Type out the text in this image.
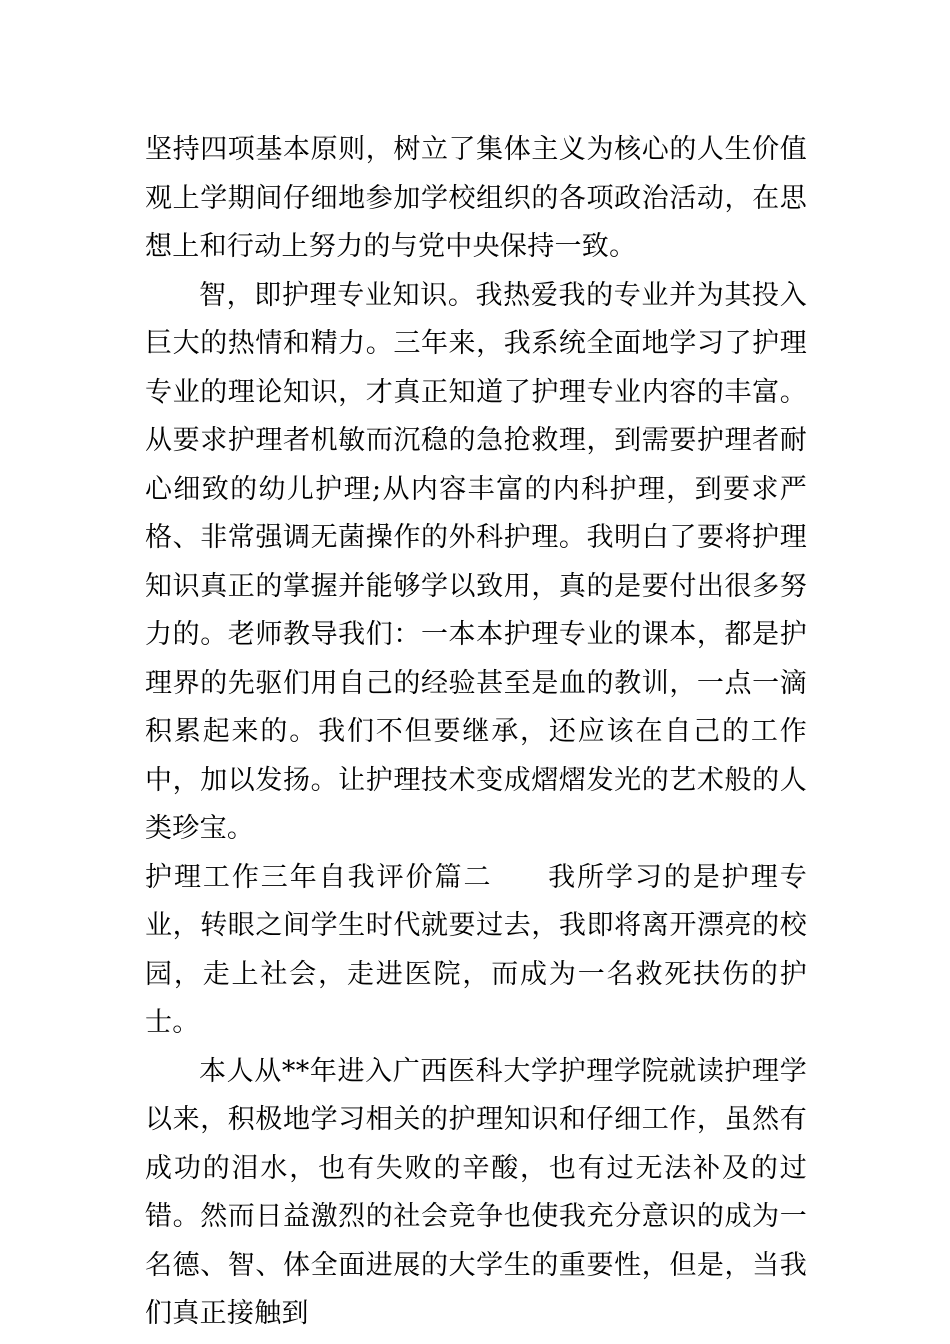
坚持四项基本原则，树立了集体主义为核心的人生价值观上学期间仔细地参加学校组织的各项政治活动，在思想上和行动上努力的与党中央保持一致。

智，即护理专业知识。我热爱我的专业并为其投入巨大的热情和精力。三年来，我系统全面地学习了护理专业的理论知识，才真正知道了护理专业内容的丰富。从要求护理者机敏而沉稳的急抢救理，到需要护理者耐心细致的幼儿护理;从内容丰富的内科护理，到要求严格、非常强调无菌操作的外科护理。我明白了要将护理知识真正的掌握并能够学以致用，真的是要付出很多努力的。老师教导我们：一本本护理专业的课本，都是护理界的先驱们用自己的经验甚至是血的教训，一点一滴积累起来的。我们不但要继承，还应该在自己的工作中，加以发扬。让护理技术变成熠熠发光的艺术般的人类珍宝。

护理工作三年自我评价篇二 我所学习的是护理专业，转眼之间学生时代就要过去，我即将离开漂亮的校园，走上社会，走进医院，而成为一名救死扶伤的护士。

本人从**年进入广西医科大学护理学院就读护理学以来，积极地学习相关的护理知识和仔细工作，虽然有成功的泪水，也有失败的辛酸，也有过无法补及的过错。然而日益激烈的社会竞争也使我充分意识的成为一名德、智、体全面进展的大学生的重要性，但是，当我们真正接触到
